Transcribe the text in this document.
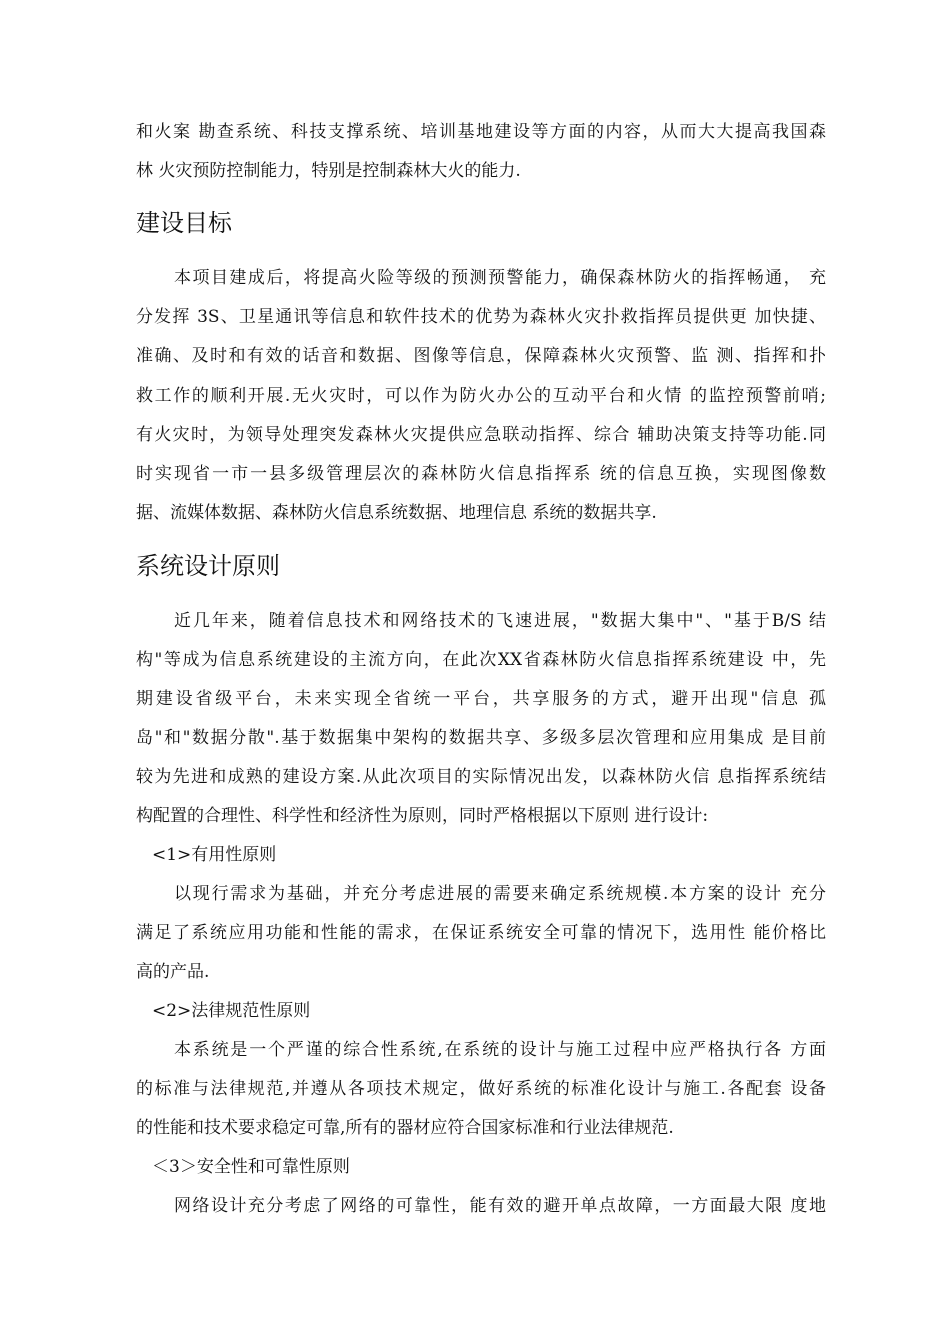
和火案 勘查系统、科技支撑系统、培训基地建设等方面的内容，从而大大提高我国森
林 火灾预防控制能力，特别是控制森林大火的能力.
建设目标
本项目建成后，将提高火险等级的预测预警能力，确保森林防火的指挥畅通， 充
分发挥 3S、卫星通讯等信息和软件技术的优势为森林火灾扑救指挥员提供更 加快捷、
准确、及时和有效的话音和数据、图像等信息，保障森林火灾预警、监 测、指挥和扑
救工作的顺利开展.无火灾时，可以作为防火办公的互动平台和火情 的监控预警前哨;
有火灾时，为领导处理突发森林火灾提供应急联动指挥、综合 辅助决策支持等功能.同
时实现省一市一县多级管理层次的森林防火信息指挥系 统的信息互换，实现图像数
据、流媒体数据、森林防火信息系统数据、地理信息 系统的数据共享.
系统设计原则
近几年来，随着信息技术和网络技术的飞速进展，"数据大集中"、"基于B/S 结
构"等成为信息系统建设的主流方向，在此次XX省森林防火信息指挥系统建设 中，先
期建设省级平台，未来实现全省统一平台，共享服务的方式，避开出现"信息 孤
岛"和"数据分散".基于数据集中架构的数据共享、多级多层次管理和应用集成 是目前
较为先进和成熟的建设方案.从此次项目的实际情况出发，以森林防火信 息指挥系统结
构配置的合理性、科学性和经济性为原则，同时严格根据以下原则 进行设计:
<1>有用性原则
以现行需求为基础，并充分考虑进展的需要来确定系统规模.本方案的设计 充分
满足了系统应用功能和性能的需求，在保证系统安全可靠的情况下，选用性 能价格比
高的产品.
<2>法律规范性原则
本系统是一个严谨的综合性系统,在系统的设计与施工过程中应严格执行各 方面
的标准与法律规范,并遵从各项技术规定，做好系统的标准化设计与施工.各配套 设备
的性能和技术要求稳定可靠,所有的器材应符合国家标准和行业法律规范.
＜3＞安全性和可靠性原则
网络设计充分考虑了网络的可靠性，能有效的避开单点故障，一方面最大限 度地
